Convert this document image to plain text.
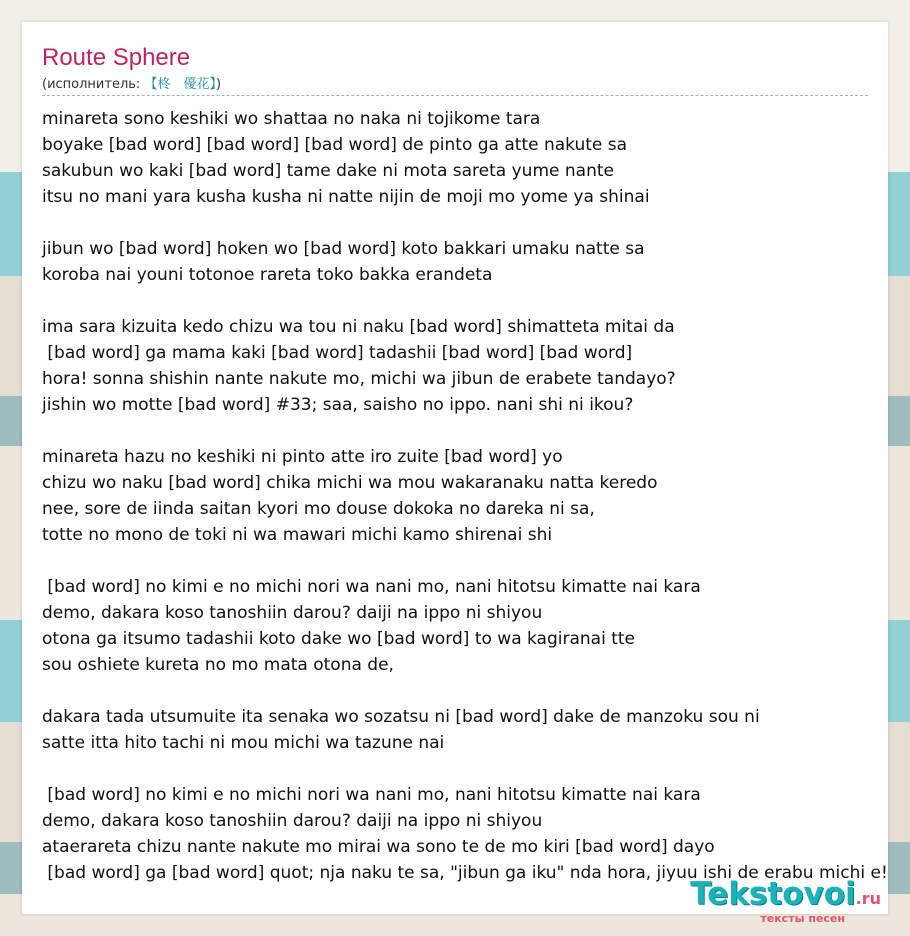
Route Sphere
(исполнитель: 【柊　優花】)
minareta sono keshiki wo shattaa no naka ni tojikome tara
boyake [bad word] [bad word] [bad word] de pinto ga atte nakute sa
sakubun wo kaki [bad word] tame dake ni mota sareta yume nante
itsu no mani yara kusha kusha ni natte nijin de moji mo yome ya shinai
jibun wo [bad word] hoken wo [bad word] koto bakkari umaku natte sa
koroba nai youni totonoe rareta toko bakka erandeta
ima sara kizuita kedo chizu wa tou ni naku [bad word] shimatteta mitai da
[bad word] ga mama kaki [bad word] tadashii [bad word] [bad word]
hora! sonna shishin nante nakute mo, michi wa jibun de erabete tandayo?
jishin wo motte [bad word] #33; saa, saisho no ippo. nani shi ni ikou?
minareta hazu no keshiki ni pinto atte iro zuite [bad word] yo
chizu wo naku [bad word] chika michi wa mou wakaranaku natta keredo
nee, sore de iinda saitan kyori mo douse dokoka no dareka ni sa,
totte no mono de toki ni wa mawari michi kamo shirenai shi
[bad word] no kimi e no michi nori wa nani mo, nani hitotsu kimatte nai kara
demo, dakara koso tanoshiin darou? daiji na ippo ni shiyou
otona ga itsumo tadashii koto dake wo [bad word] to wa kagiranai tte
sou oshiete kureta no mo mata otona de,
dakara tada utsumuite ita senaka wo sozatsu ni [bad word] dake de manzoku sou ni
satte itta hito tachi ni mou michi wa tazune nai
[bad word] no kimi e no michi nori wa nani mo, nani hitotsu kimatte nai kara
demo, dakara koso tanoshiin darou? daiji na ippo ni shiyou
ataerareta chizu nante nakute mo mirai wa sono te de mo kiri [bad word] dayo
[bad word] ga [bad word] quot; nja naku te sa, "jibun ga iku" nda hora, jiyuu ishi de erabu michi e!
Tekstovoi.ru
тексты песен
